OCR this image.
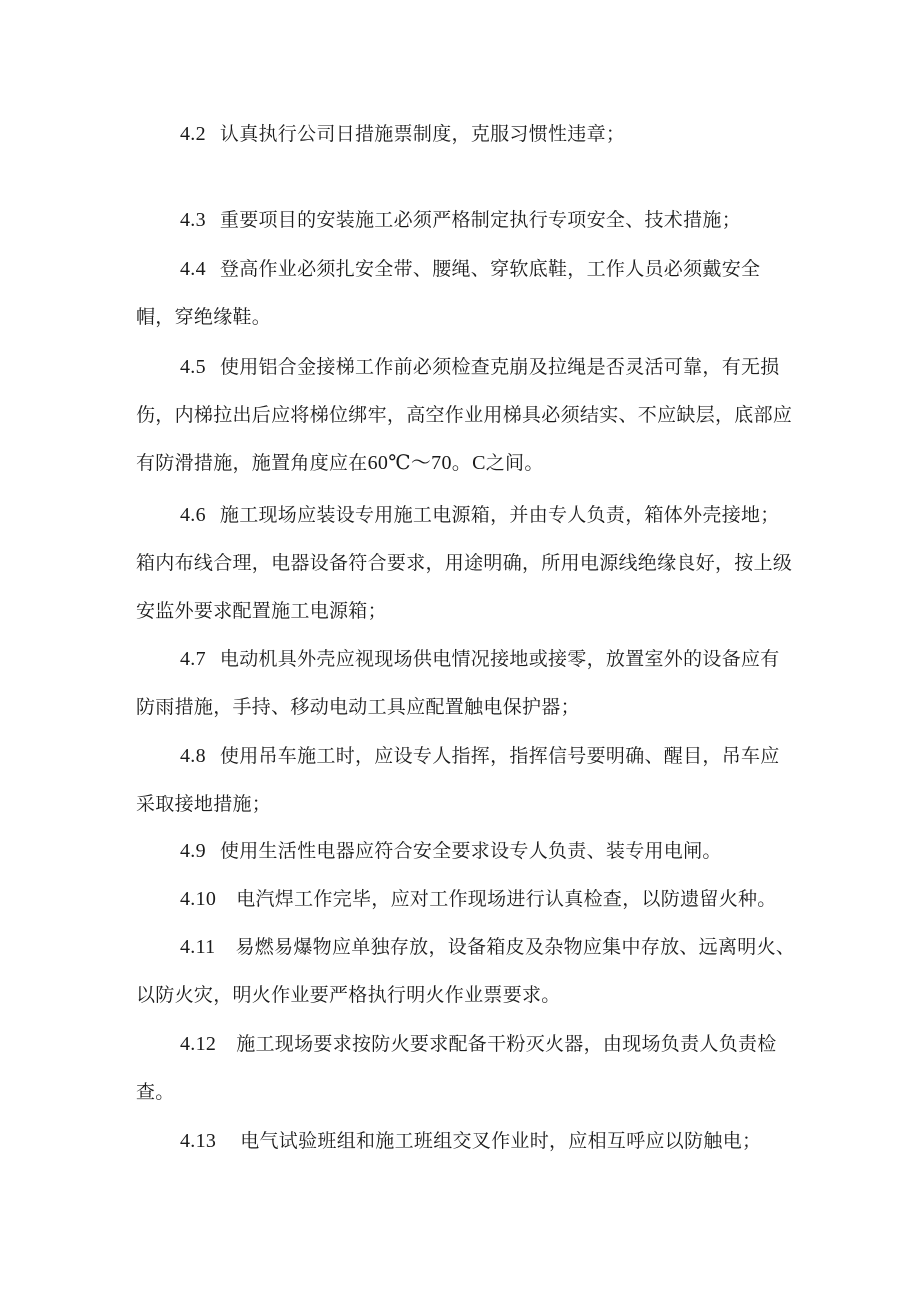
4.2 认真执行公司日措施票制度，克服习惯性违章；

4.3 重要项目的安装施工必须严格制定执行专项安全、技术措施；

4.4 登高作业必须扎安全带、腰绳、穿软底鞋，工作人员必须戴安全帽，穿绝缘鞋。

4.5 使用铝合金接梯工作前必须检查克崩及拉绳是否灵活可靠，有无损伤，内梯拉出后应将梯位绑牢，高空作业用梯具必须结实、不应缺层，底部应有防滑措施，施置角度应在60℃～70。C之间。

4.6 施工现场应装设专用施工电源箱，并由专人负责，箱体外壳接地；箱内布线合理，电器设备符合要求，用途明确，所用电源线绝缘良好，按上级安监外要求配置施工电源箱；

4.7 电动机具外壳应视现场供电情况接地或接零，放置室外的设备应有防雨措施，手持、移动电动工具应配置触电保护器；

4.8 使用吊车施工时，应设专人指挥，指挥信号要明确、醒目，吊车应采取接地措施；

4.9 使用生活性电器应符合安全要求设专人负责、装专用电闸。

4.10 电汽焊工作完毕，应对工作现场进行认真检查，以防遗留火种。

4.11 易燃易爆物应单独存放，设备箱皮及杂物应集中存放、远离明火、以防火灾，明火作业要严格执行明火作业票要求。

4.12 施工现场要求按防火要求配备干粉灭火器，由现场负责人负责检查。

4.13 电气试验班组和施工班组交叉作业时，应相互呼应以防触电；
